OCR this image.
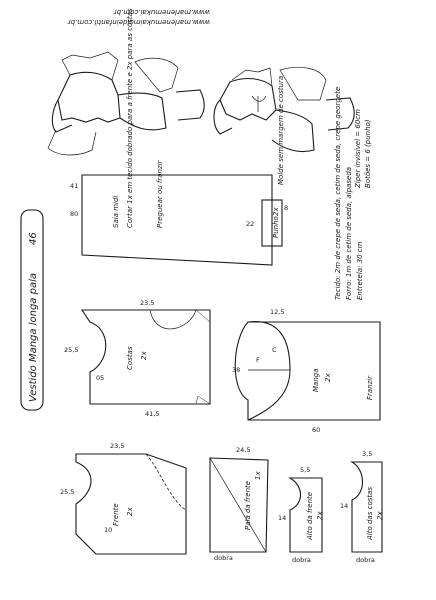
www.marlenemukaimoldeinfantil.com.br
www.marlenemukai.com.br
Ziper invisível = 60cm Botões = 6 (punho)
Molde sem margem de costura	Tecido: 2m de crepe de seda, cetim de seda, crepe georgete Forro: 1m de cetim de seda, alpaseda Entretela: 30 cm
Vestido Manga longa pala
46
Saia midi Cortar 1x em tecido dobrado para a frente e 2x para as costas	Preguear ou franzir
80
41
Punho
2x
22
8
Costas 2x
23,5
41,5
25,5
05	Manga 2x	Franzir
12,5
60
38
C
F
Frente 2x
23,5
25,5
10	Pala da frente
1x
24,5
dobra
Alto da frente 2x
5,5
14
dobra
Alto das costas 2x
3,5
14
dobra
